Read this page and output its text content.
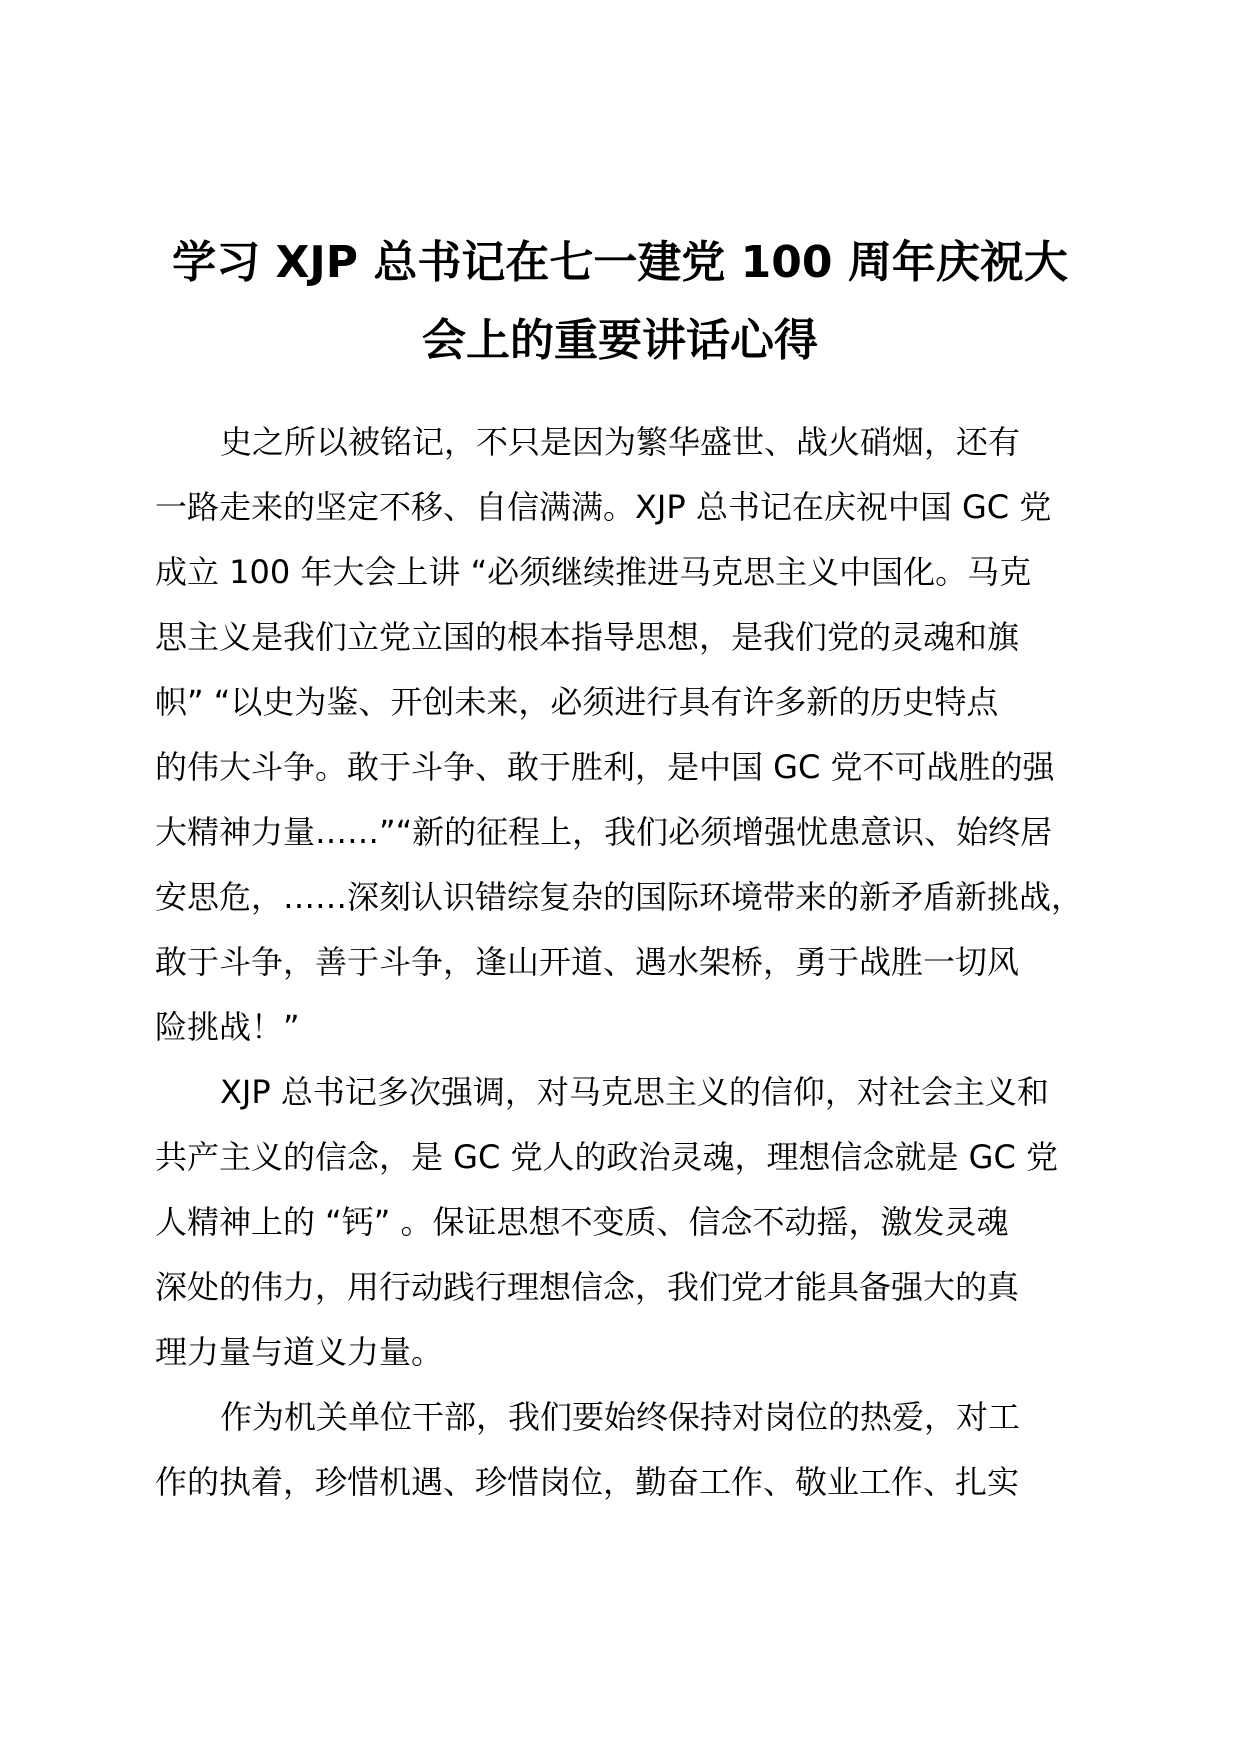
学习 XJP 总书记在七一建党 100 周年庆祝大
会上的重要讲话心得
史之所以被铭记，不只是因为繁华盛世、战火硝烟，还有
一路走来的坚定不移、自信满满。XJP 总书记在庆祝中国 GC 党
成立 100 年大会上讲 “必须继续推进马克思主义中国化。马克
思主义是我们立党立国的根本指导思想，是我们党的灵魂和旗
帜” “以史为鉴、开创未来，必须进行具有许多新的历史特点
的伟大斗争。敢于斗争、敢于胜利，是中国 GC 党不可战胜的强
大精神力量……”“新的征程上，我们必须增强忧患意识、始终居
安思危，……深刻认识错综复杂的国际环境带来的新矛盾新挑战，
敢于斗争，善于斗争，逢山开道、遇水架桥，勇于战胜一切风
险挑战！”
XJP 总书记多次强调，对马克思主义的信仰，对社会主义和
共产主义的信念，是 GC 党人的政治灵魂，理想信念就是 GC 党
人精神上的 “钙” 。保证思想不变质、信念不动摇，激发灵魂
深处的伟力，用行动践行理想信念，我们党才能具备强大的真
理力量与道义力量。
作为机关单位干部，我们要始终保持对岗位的热爱，对工
作的执着，珍惜机遇、珍惜岗位，勤奋工作、敬业工作、扎实
